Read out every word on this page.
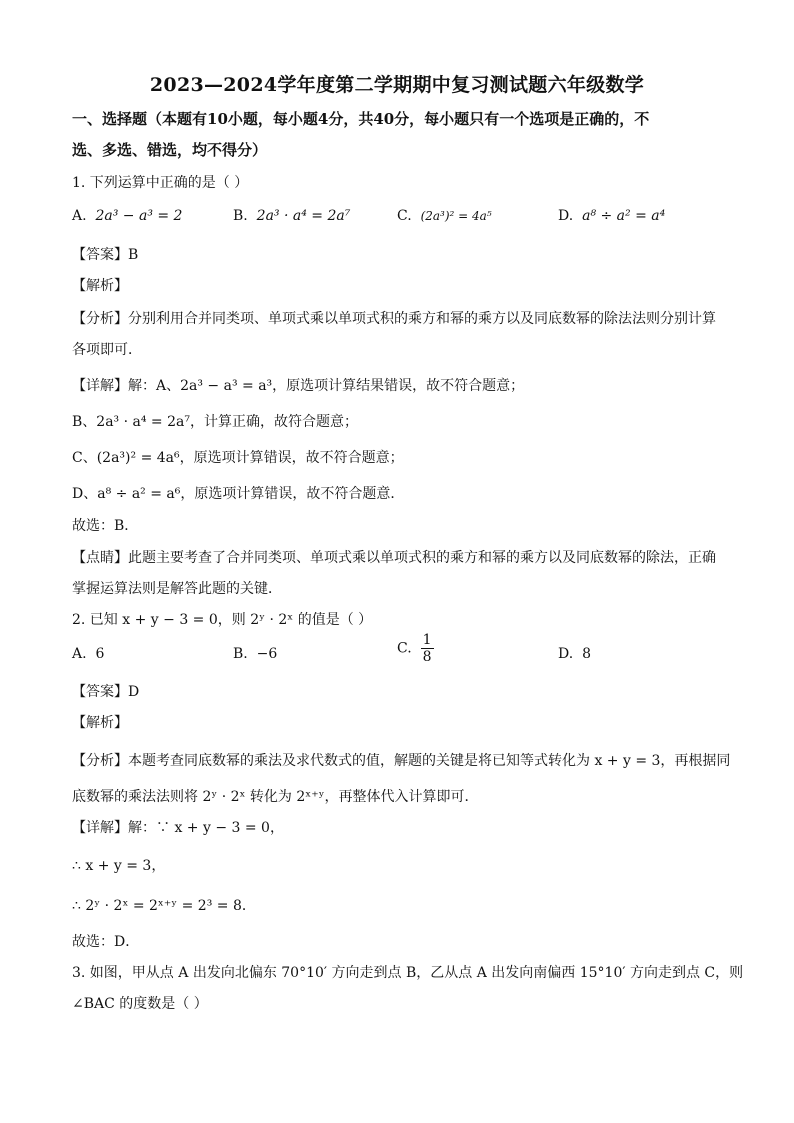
2023—2024学年度第二学期期中复习测试题六年级数学
一、选择题（本题有10小题，每小题4分，共40分，每小题只有一个选项是正确的，不
选、多选、错选，均不得分）
1. 下列运算中正确的是（ ）
A. 2a³ − a³ = 2	B. 2a³ · a⁴ = 2a⁷	C. (2a³)² = 4a⁵	D. a⁸ ÷ a² = a⁴
【答案】B
【解析】
【分析】分别利用合并同类项、单项式乘以单项式积的乘方和幂的乘方以及同底数幂的除法法则分别计算
各项即可．
【详解】解：A、2a³ − a³ = a³，原选项计算结果错误，故不符合题意；
B、2a³ · a⁴ = 2a⁷，计算正确，故符合题意；
C、(2a³)² = 4a⁶，原选项计算错误，故不符合题意；
D、a⁸ ÷ a² = a⁶，原选项计算错误，故不符合题意．
故选：B．
【点睛】此题主要考查了合并同类项、单项式乘以单项式积的乘方和幂的乘方以及同底数幂的除法，正确
掌握运算法则是解答此题的关键．
2. 已知 x + y − 3 = 0，则 2ʸ · 2ˣ 的值是（ ）
A. 6	B. −6	C. $\frac{1}{8}$	D. 8
【答案】D
【解析】
【分析】本题考查同底数幂的乘法及求代数式的值，解题的关键是将已知等式转化为 x + y = 3，再根据同
底数幂的乘法法则将 2ʸ · 2ˣ 转化为 2ˣ⁺ʸ，再整体代入计算即可．
【详解】解：∵ x + y − 3 = 0，
∴ x + y = 3，
∴ 2ʸ · 2ˣ = 2ˣ⁺ʸ = 2³ = 8．
故选：D．
3. 如图，甲从点 A 出发向北偏东 70°10′ 方向走到点 B，乙从点 A 出发向南偏西 15°10′ 方向走到点 C，则
∠BAC 的度数是（ ）
